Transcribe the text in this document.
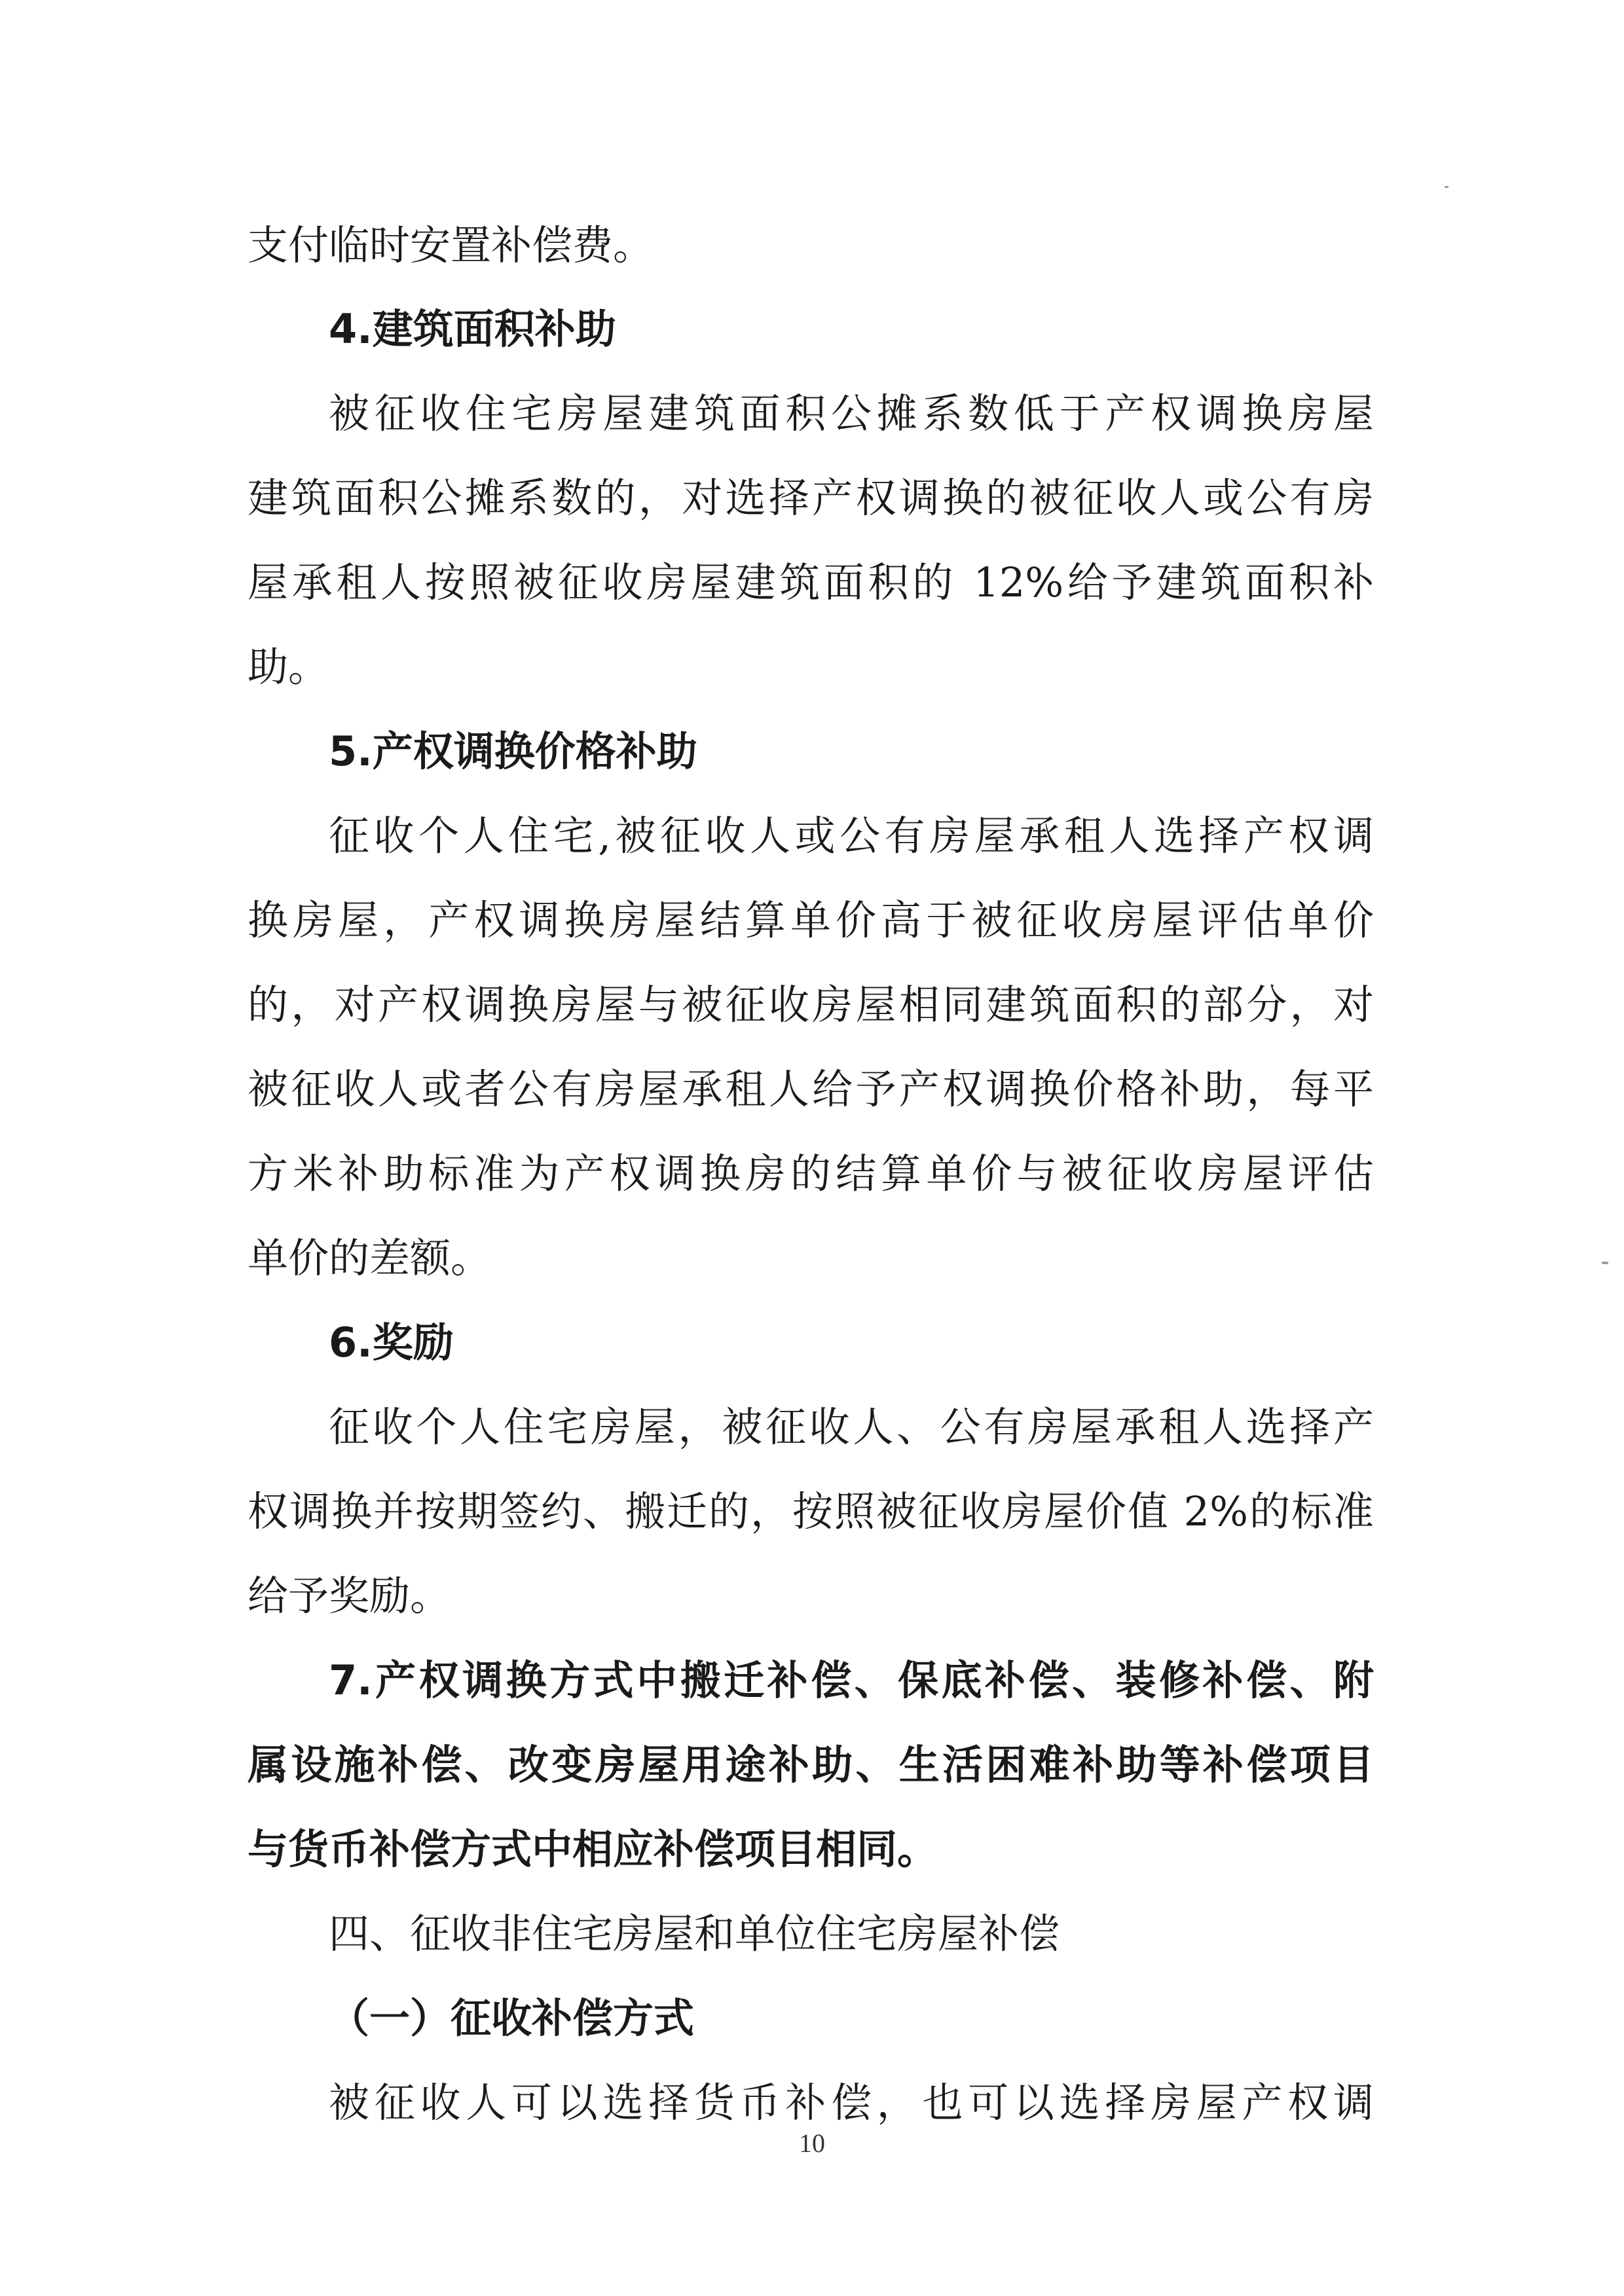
支付临时安置补偿费。
4.建筑面积补助
被征收住宅房屋建筑面积公摊系数低于产权调换房屋
建筑面积公摊系数的，对选择产权调换的被征收人或公有房
屋承租人按照被征收房屋建筑面积的 12%给予建筑面积补
助。
5.产权调换价格补助
征收个人住宅,被征收人或公有房屋承租人选择产权调
换房屋，产权调换房屋结算单价高于被征收房屋评估单价
的，对产权调换房屋与被征收房屋相同建筑面积的部分，对
被征收人或者公有房屋承租人给予产权调换价格补助，每平
方米补助标准为产权调换房的结算单价与被征收房屋评估
单价的差额。
6.奖励
征收个人住宅房屋，被征收人、公有房屋承租人选择产
权调换并按期签约、搬迁的，按照被征收房屋价值 2%的标准
给予奖励。
7.产权调换方式中搬迁补偿、保底补偿、装修补偿、附
属设施补偿、改变房屋用途补助、生活困难补助等补偿项目
与货币补偿方式中相应补偿项目相同。
四、征收非住宅房屋和单位住宅房屋补偿
（一）征收补偿方式
被征收人可以选择货币补偿，也可以选择房屋产权调
10
